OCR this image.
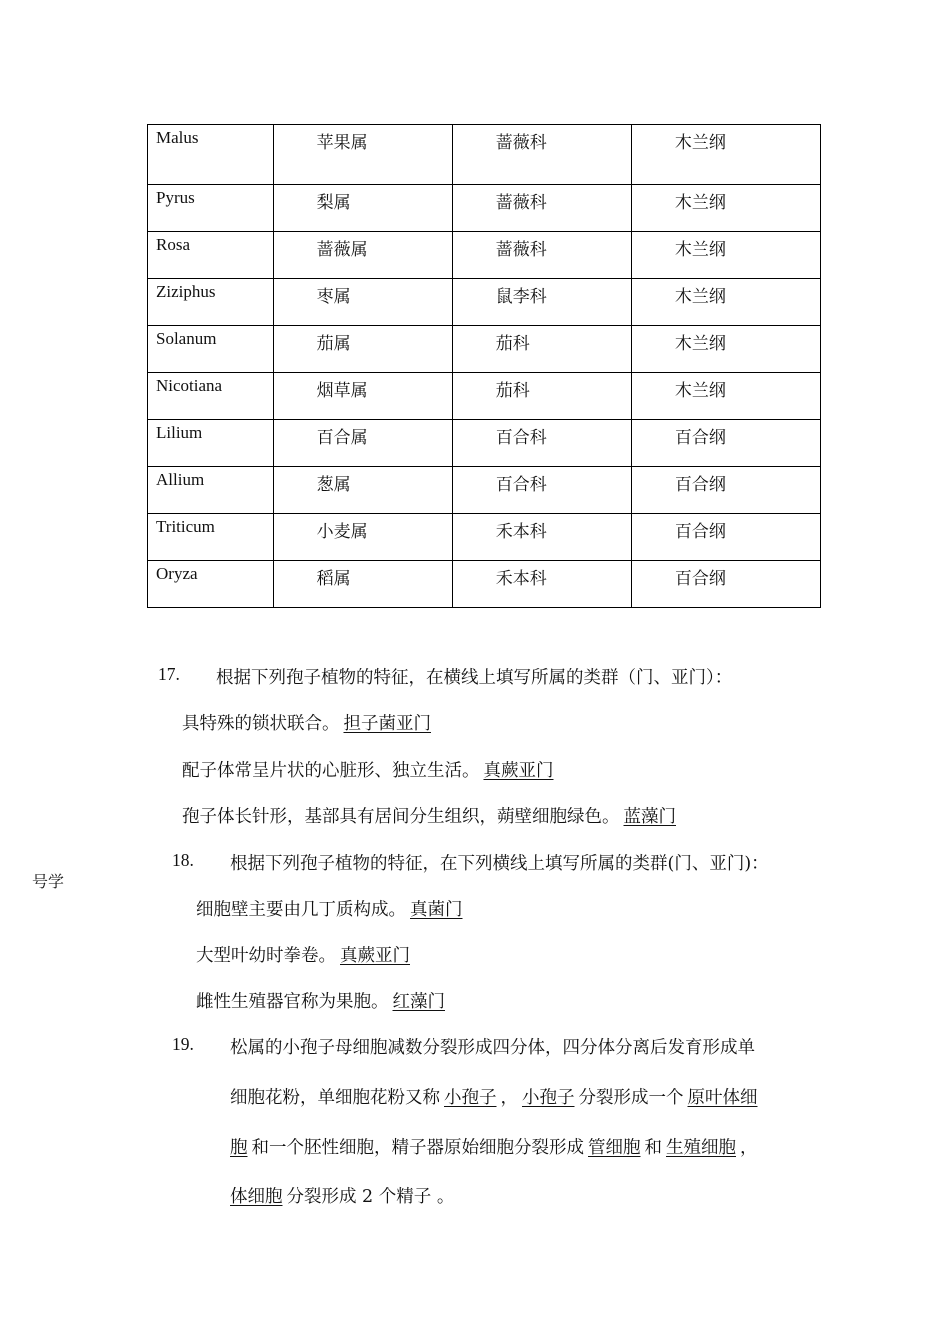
Malus	苹果属	蔷薇科	木兰纲

Pyrus	梨属	蔷薇科	木兰纲

Rosa	蔷薇属	蔷薇科	木兰纲

Ziziphus	枣属	鼠李科	木兰纲

Solanum	茄属	茄科	木兰纲

Nicotiana	烟草属	茄科	木兰纲

Lilium	百合属	百合科	百合纲

Allium	葱属	百合科	百合纲

Triticum	小麦属	禾本科	百合纲

Oryza	稻属	禾本科	百合纲
号学
17. 根据下列孢子植物的特征，在横线上填写所属的类群（门、亚门）：
具特殊的锁状联合。 担子菌亚门
配子体常呈片状的心脏形、独立生活。 真蕨亚门
孢子体长针形，基部具有居间分生组织，蒴壁细胞绿色。 蓝藻门
18. 根据下列孢子植物的特征，在下列横线上填写所属的类群(门、亚门)：
细胞壁主要由几丁质构成。 真菌门
大型叶幼时拳卷。 真蕨亚门
雌性生殖器官称为果胞。 红藻门
19. 松属的小孢子母细胞减数分裂形成四分体，四分体分离后发育形成单
细胞花粉，单细胞花粉又称 小孢子 ， 小孢子 分裂形成一个 原叶体细
胞 和一个胚性细胞，精子器原始细胞分裂形成 管细胞 和 生殖细胞 ，
体细胞 分裂形成 2 个精子 。
